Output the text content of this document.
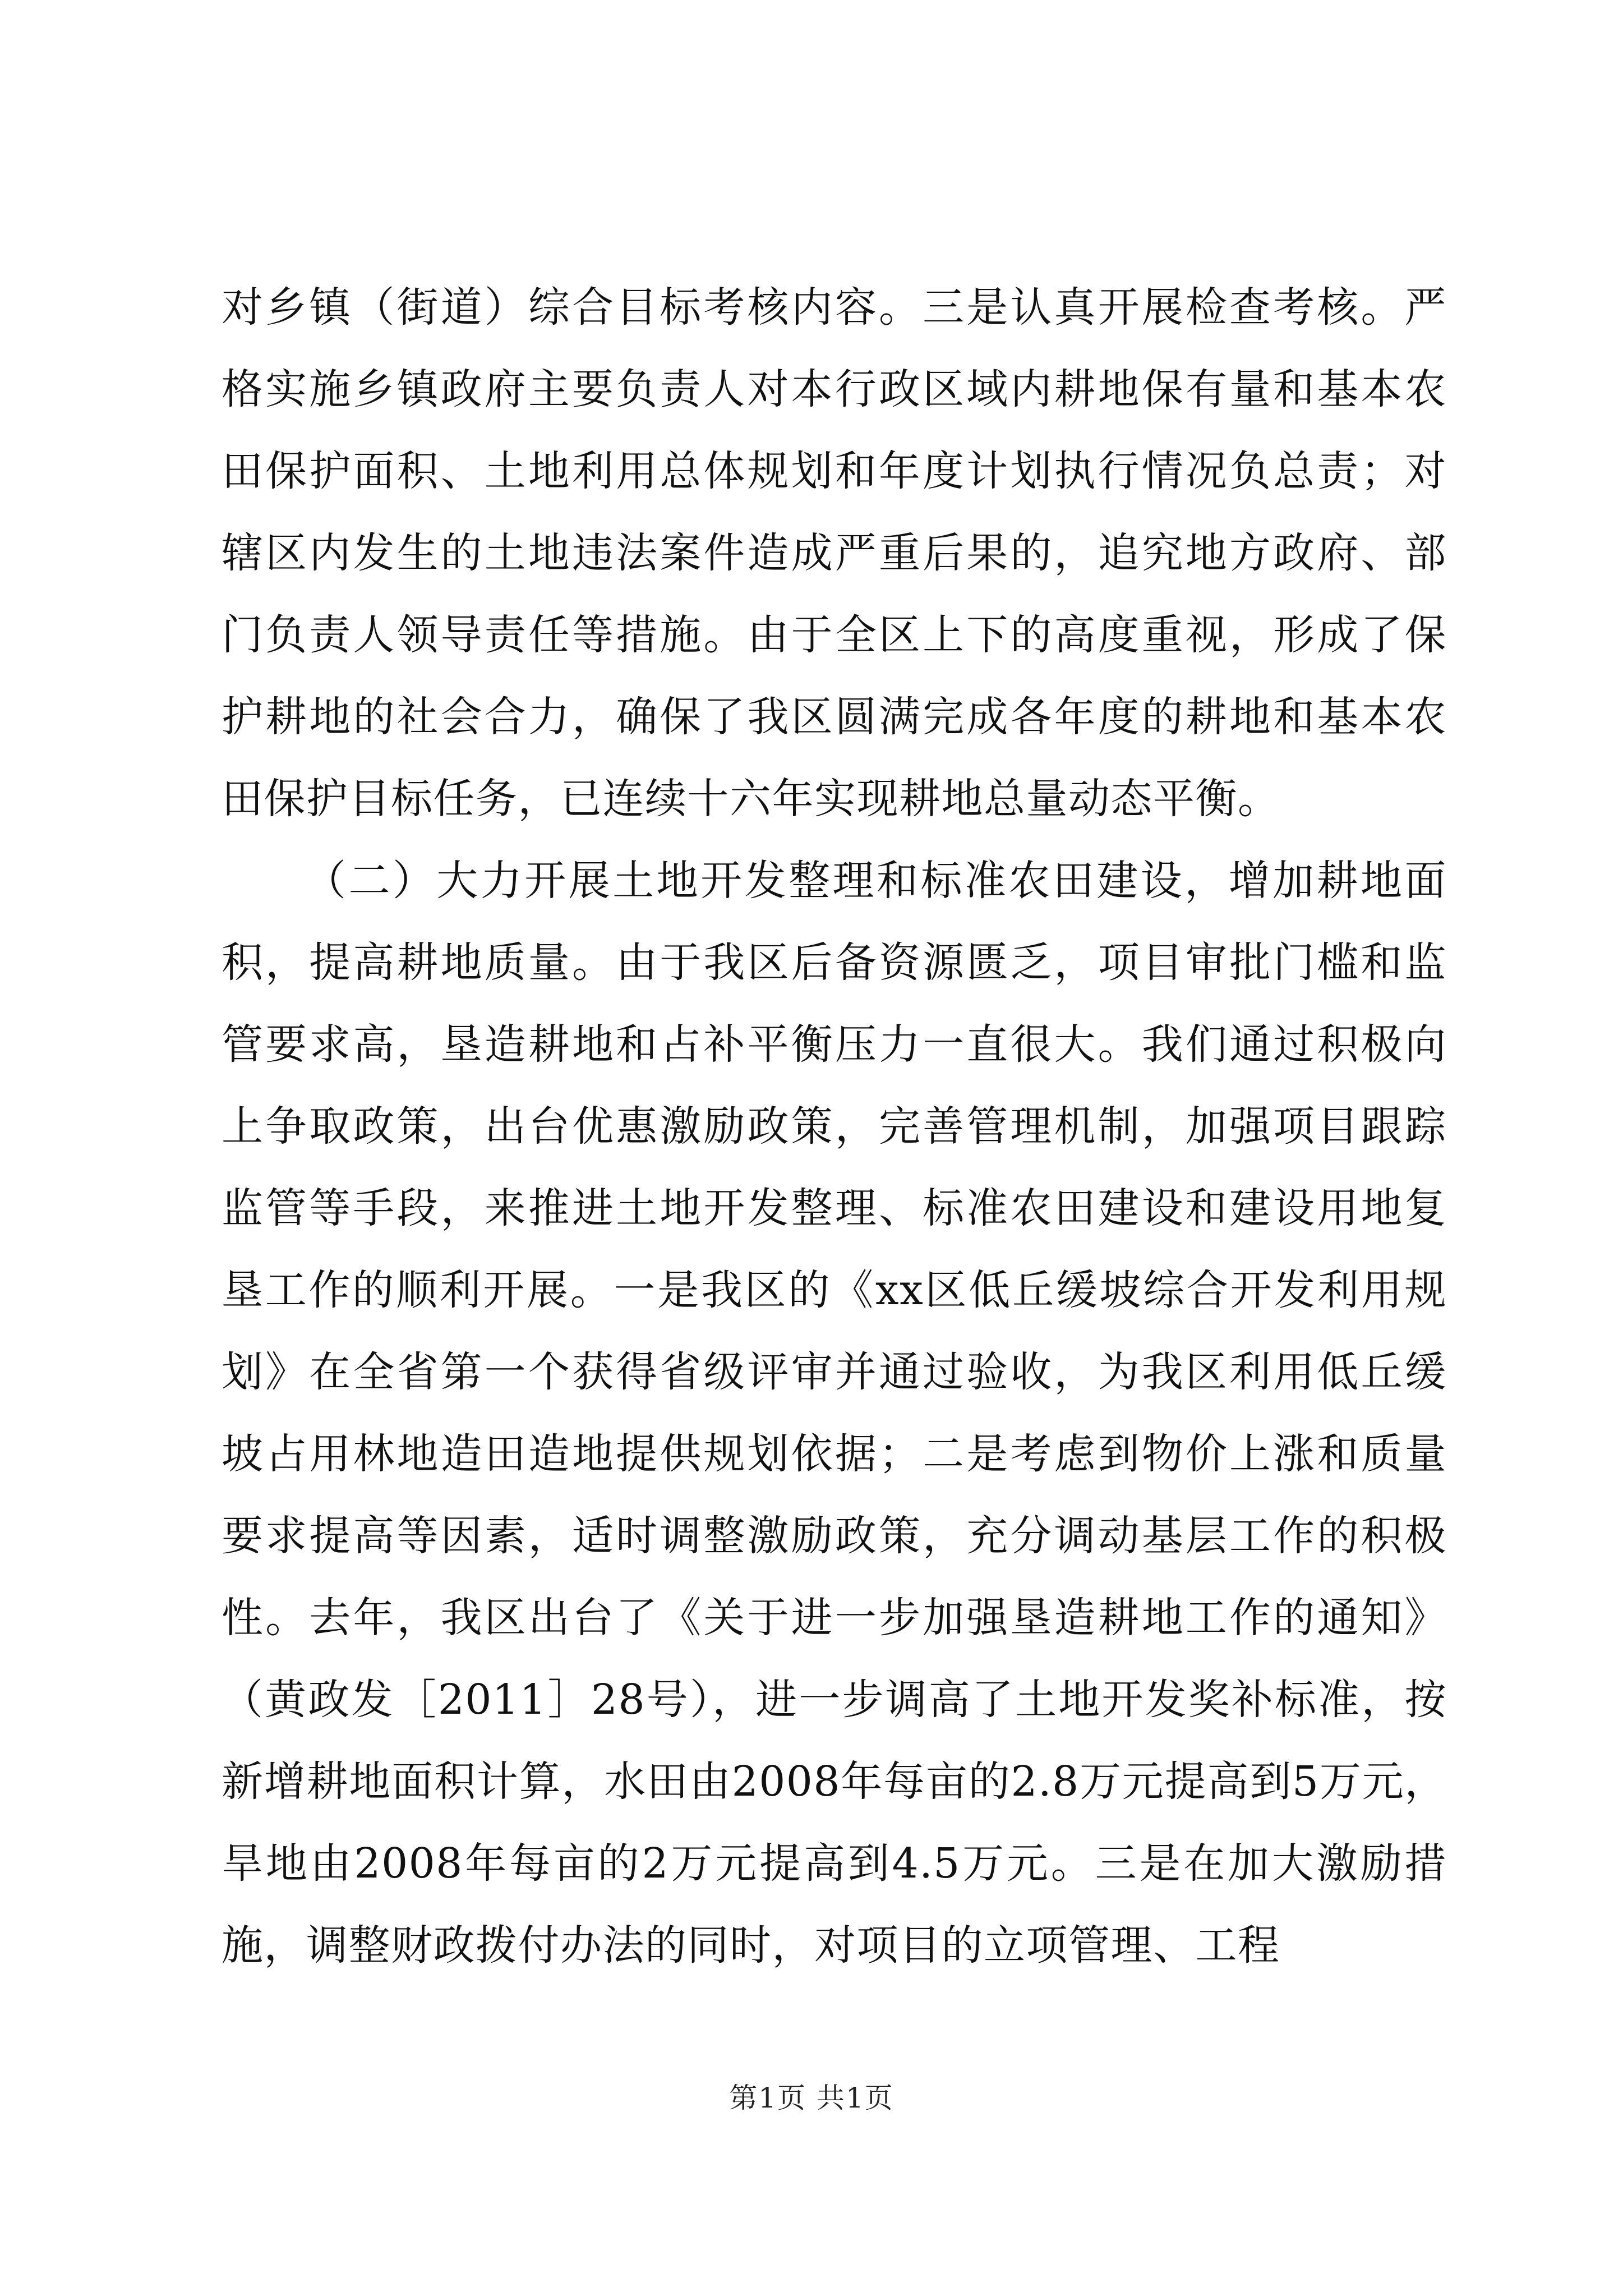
对乡镇（街道）综合目标考核内容。三是认真开展检查考核。严格实施乡镇政府主要负责人对本行政区域内耕地保有量和基本农田保护面积、土地利用总体规划和年度计划执行情况负总责；对辖区内发生的土地违法案件造成严重后果的，追究地方政府、部门负责人领导责任等措施。由于全区上下的高度重视，形成了保护耕地的社会合力，确保了我区圆满完成各年度的耕地和基本农田保护目标任务，已连续十六年实现耕地总量动态平衡。

（二）大力开展土地开发整理和标准农田建设，增加耕地面积，提高耕地质量。由于我区后备资源匮乏，项目审批门槛和监管要求高，垦造耕地和占补平衡压力一直很大。我们通过积极向上争取政策，出台优惠激励政策，完善管理机制，加强项目跟踪监管等手段，来推进土地开发整理、标准农田建设和建设用地复垦工作的顺利开展。一是我区的《xx区低丘缓坡综合开发利用规划》在全省第一个获得省级评审并通过验收，为我区利用低丘缓坡占用林地造田造地提供规划依据；二是考虑到物价上涨和质量要求提高等因素，适时调整激励政策，充分调动基层工作的积极性。去年，我区出台了《关于进一步加强垦造耕地工作的通知》（黄政发［2011］28号），进一步调高了土地开发奖补标准，按新增耕地面积计算，水田由2008年每亩的2.8万元提高到5万元，旱地由2008年每亩的2万元提高到4.5万元。三是在加大激励措施，调整财政拨付办法的同时，对项目的立项管理、工程

第1页 共1页
